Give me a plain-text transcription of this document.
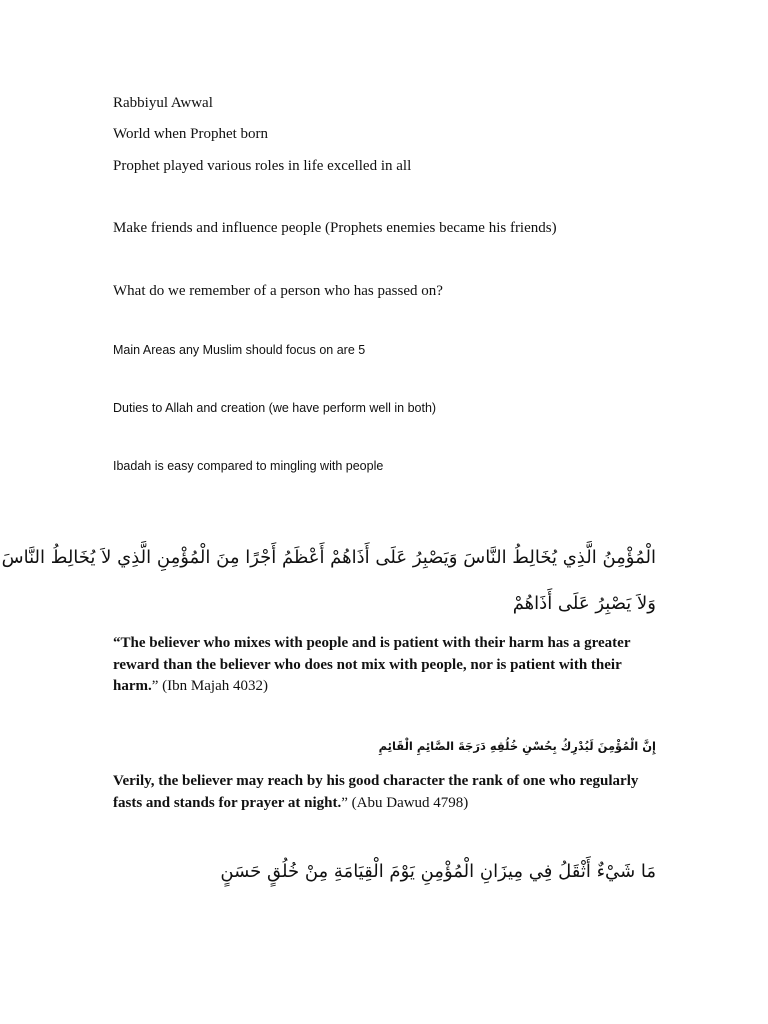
Rabbiyul Awwal
World when Prophet born
Prophet played various roles in life excelled in all
Make friends and influence people (Prophets enemies became his friends)
What do we remember of a person who has passed on?
Main Areas any Muslim should focus on are 5
Duties to Allah and creation (we have perform well in both)
Ibadah is easy compared to mingling with people
الْمُؤْمِنُ الَّذِي يُخَالِطُ النَّاسَ وَيَصْبِرُ عَلَى أَذَاهُمْ أَعْظَمُ أَجْرًا مِنَ الْمُؤْمِنِ الَّذِي لاَ يُخَالِطُ النَّاسَ
وَلاَ يَصْبِرُ عَلَى أَذَاهُمْ
“The believer who mixes with people and is patient with their harm has a greater reward than the believer who does not mix with people, nor is patient with their harm.” (Ibn Majah 4032)
إِنَّ الْمُؤْمِنَ لَيُدْرِكُ بِحُسْنِ خُلُقِهِ دَرَجَةَ الصَّائِمِ الْقَائِمِ
Verily, the believer may reach by his good character the rank of one who regularly fasts and stands for prayer at night.” (Abu Dawud 4798)
مَا شَيْءٌ أَثْقَلُ فِي مِيزَانِ الْمُؤْمِنِ يَوْمَ الْقِيَامَةِ مِنْ خُلُقٍ حَسَنٍ
